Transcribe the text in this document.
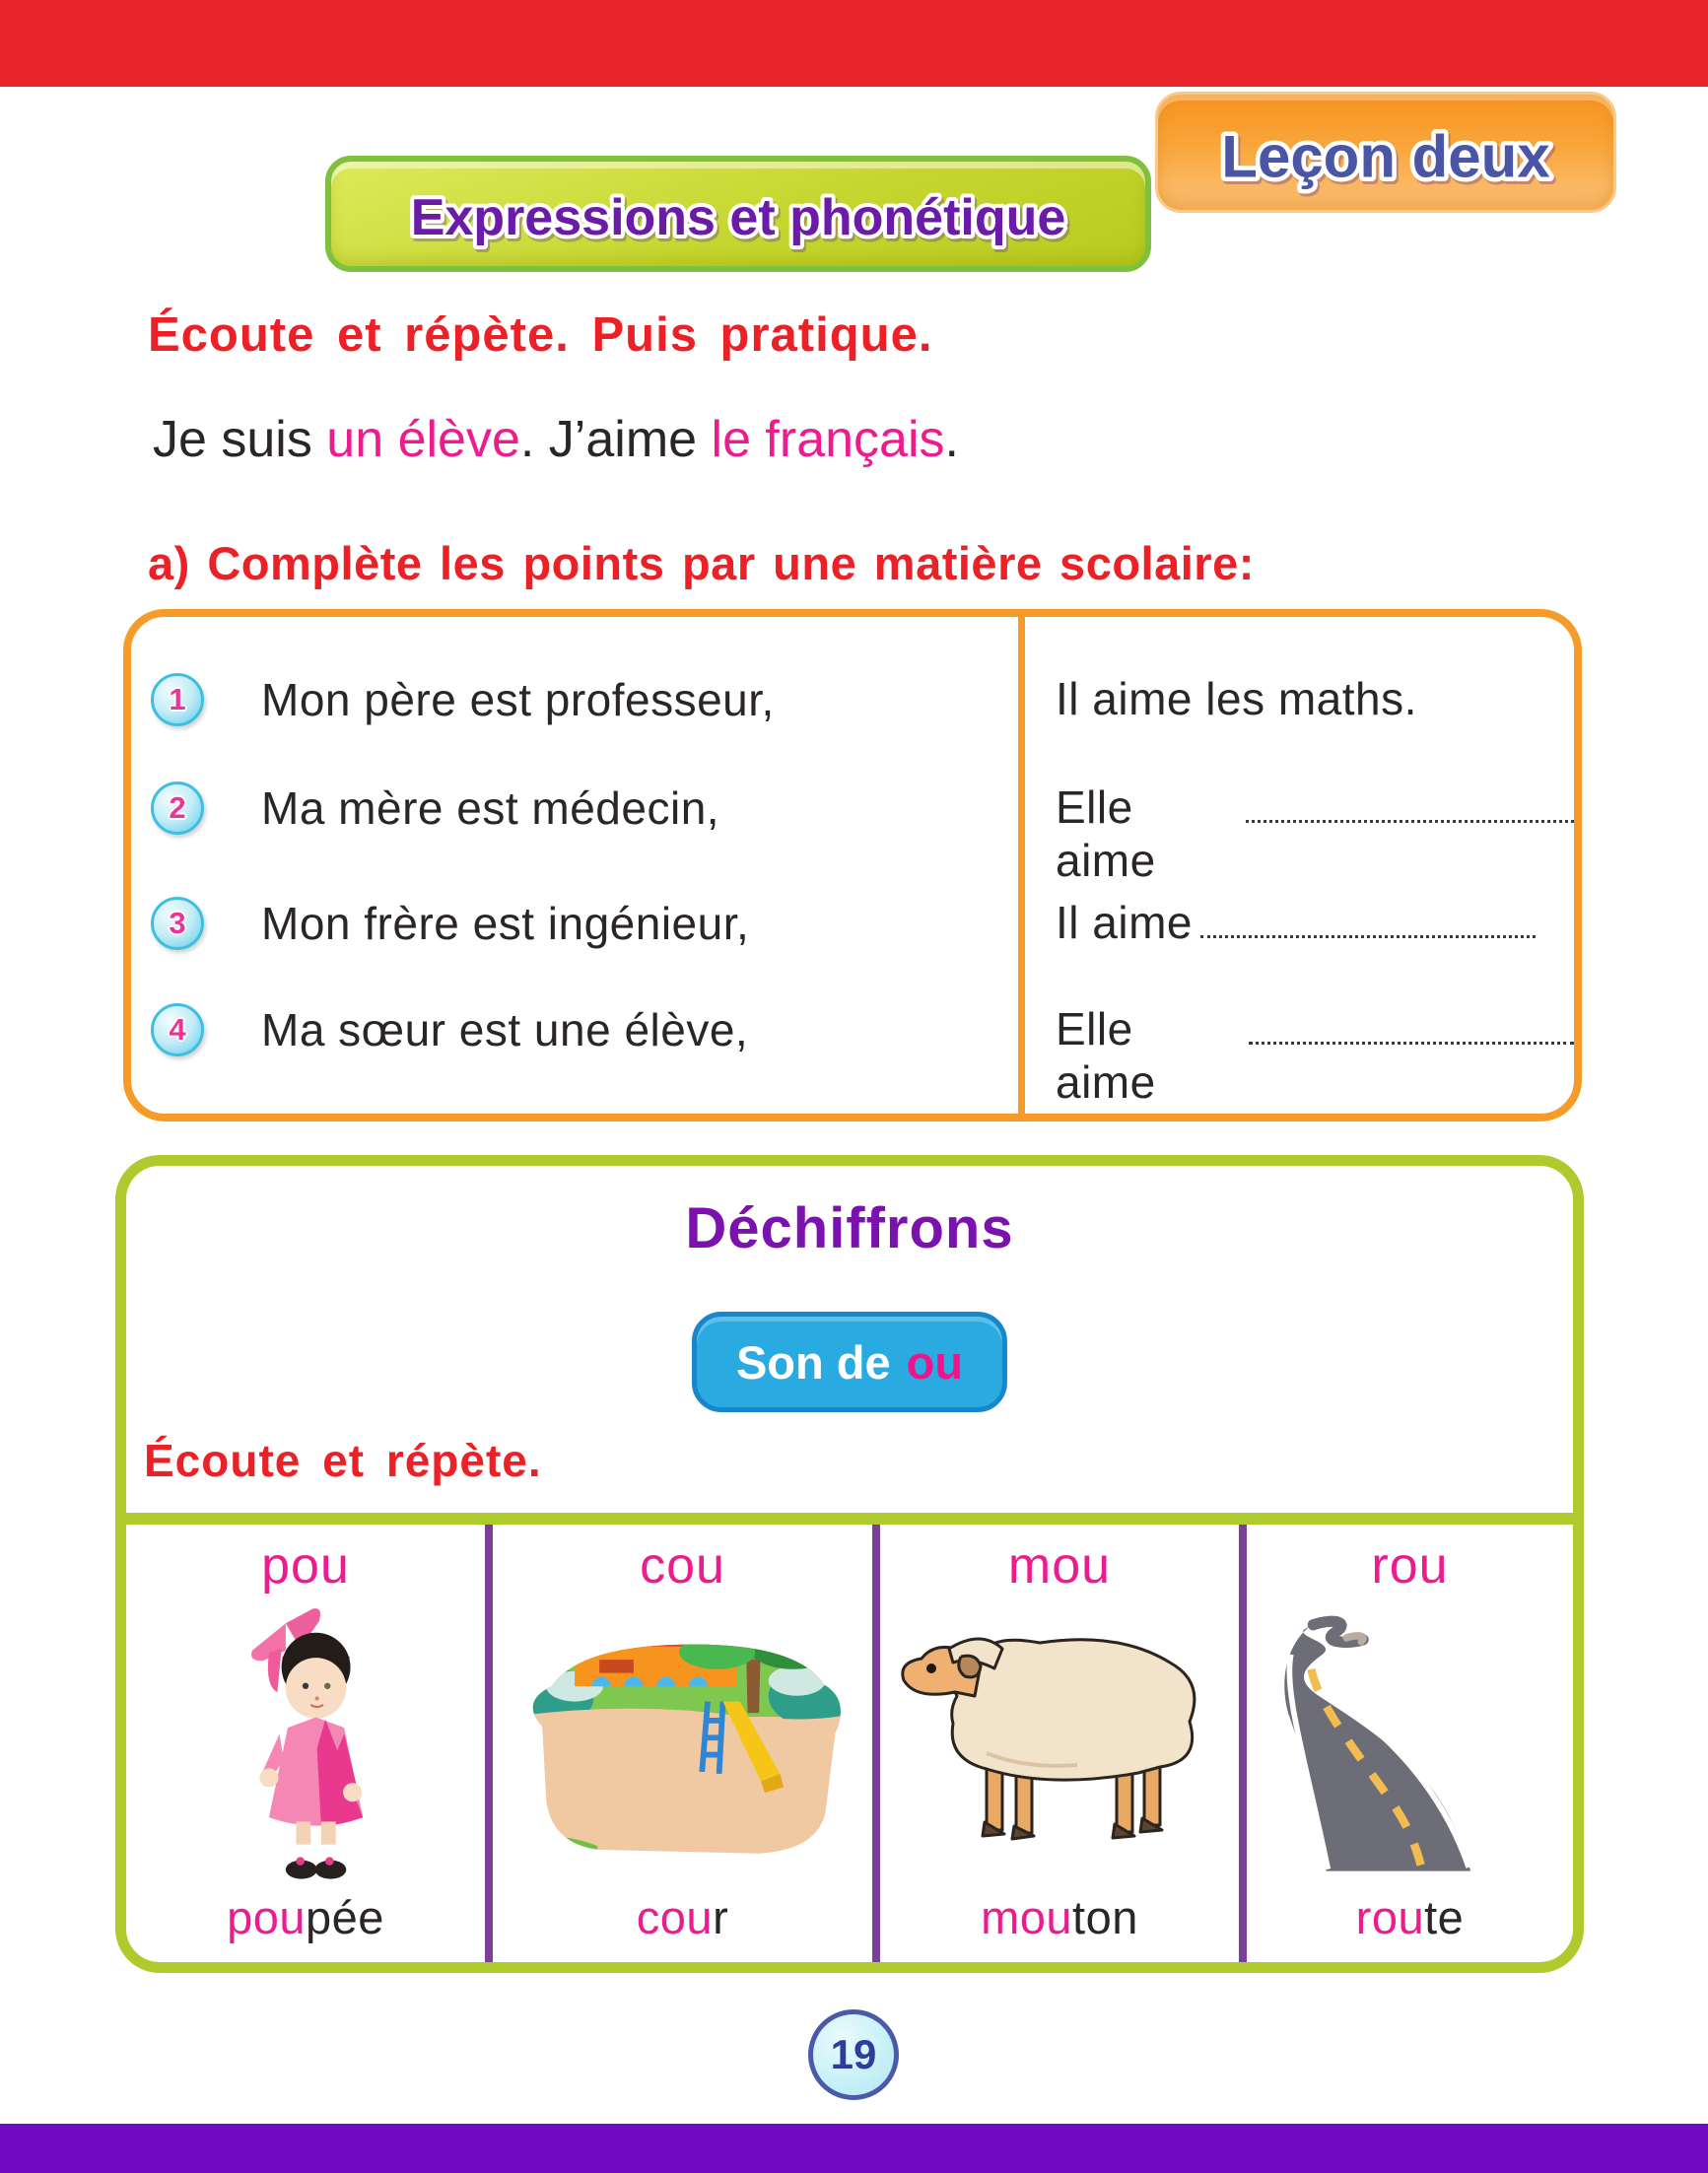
Leçon deux
Expressions et phonétique
Écoute et répète. Puis pratique.
Je suis un élève. J’aime le français.
a) Complète les points par une matière scolaire:
1 Mon père est professeur,
2 Ma mère est médecin,
3 Mon frère est ingénieur,
4 Ma sœur est une élève,
Il aime les maths.
Elle aime
Il aime
Elle aime
Déchiffrons
Son de ou
Écoute et répète.
pou
poupée
cou
cour
mou
mouton
rou
route
19
